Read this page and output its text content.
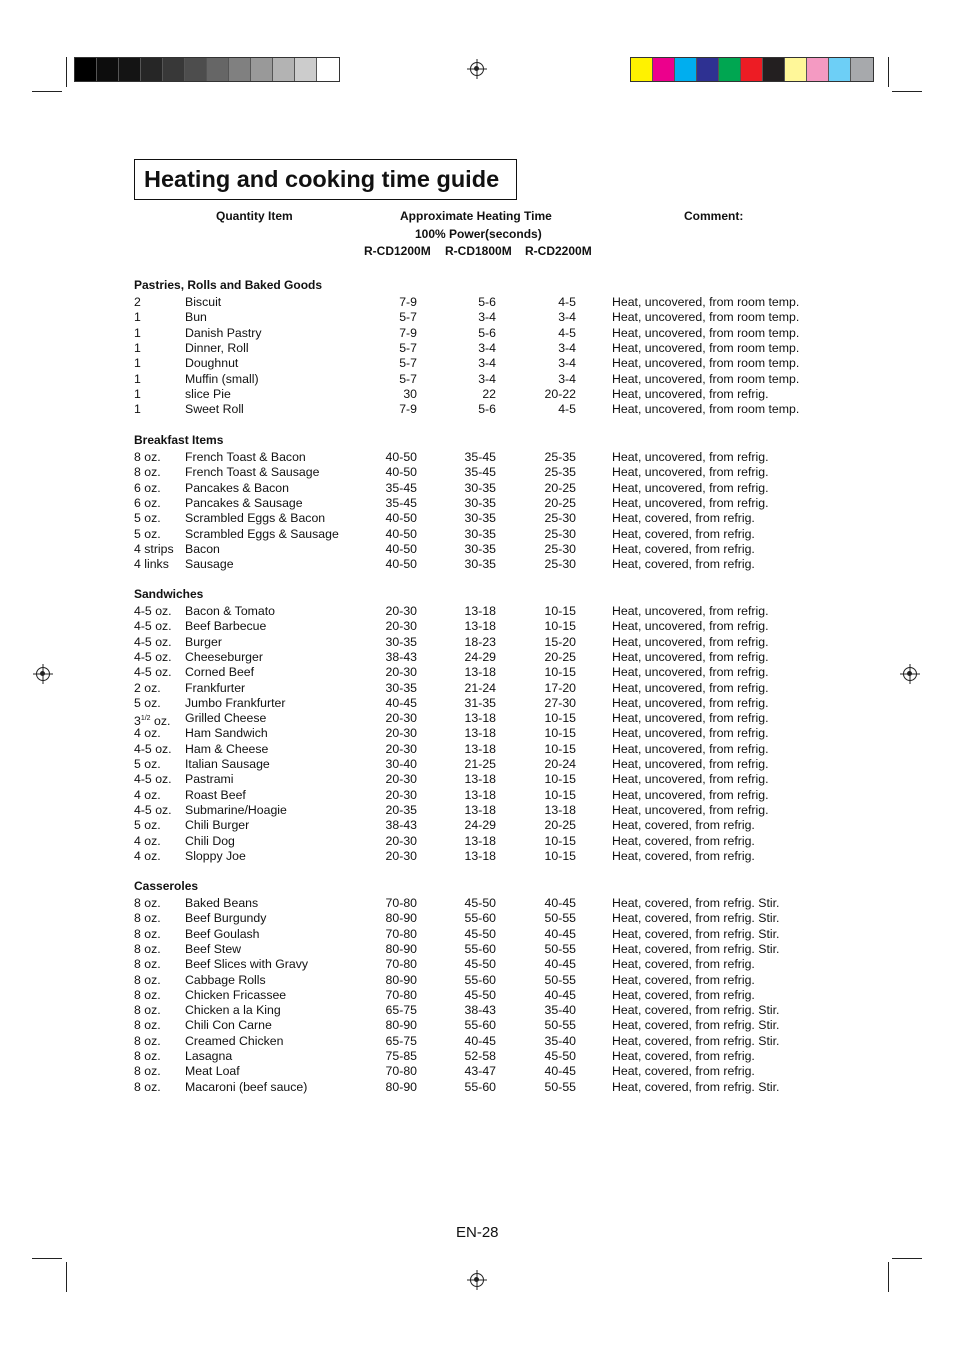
Heating and cooking time guide
Quantity Item	Approximate Heating Time
100% Power(seconds)
R-CD1200M R-CD1800M R-CD2200M
Comment:
Pastries, Rolls and Baked Goods
2	Biscuit	7-9	5-6	4-5	Heat, uncovered, from room temp.
1	Bun	5-7	3-4	3-4	Heat, uncovered, from room temp.
1	Danish Pastry	7-9	5-6	4-5	Heat, uncovered, from room temp.
1	Dinner, Roll	5-7	3-4	3-4	Heat, uncovered, from room temp.
1	Doughnut	5-7	3-4	3-4	Heat, uncovered, from room temp.
1	Muffin (small)	5-7	3-4	3-4	Heat, uncovered, from room temp.
1	slice Pie	30	22	20-22	Heat, uncovered, from refrig.
1	Sweet Roll	7-9	5-6	4-5	Heat, uncovered, from room temp.
Breakfast Items
8 oz. French Toast & Bacon	40-50	35-45	25-35	Heat, uncovered, from refrig.
8 oz. French Toast & Sausage	40-50	35-45	25-35	Heat, uncovered, from refrig.
6 oz. Pancakes & Bacon	35-45	30-35	20-25	Heat, uncovered, from refrig.
6 oz. Pancakes & Sausage	35-45	30-35	20-25	Heat, uncovered, from refrig.
5 oz. Scrambled Eggs & Bacon	40-50	30-35	25-30	Heat, covered, from refrig.
5 oz. Scrambled Eggs & Sausage	40-50	30-35	25-30	Heat, covered, from refrig.
4 strips Bacon	40-50	30-35	25-30	Heat, covered, from refrig.
4 links Sausage	40-50	30-35	25-30	Heat, covered, from refrig.
Sandwiches
4-5 oz. Bacon & Tomato	20-30	13-18	10-15	Heat, uncovered, from refrig.
4-5 oz. Beef Barbecue	20-30	13-18	10-15	Heat, uncovered, from refrig.
4-5 oz. Burger	30-35	18-23	15-20	Heat, uncovered, from refrig.
4-5 oz. Cheeseburger	38-43	24-29	20-25	Heat, uncovered, from refrig.
4-5 oz. Corned Beef	20-30	13-18	10-15	Heat, uncovered, from refrig.
2 oz. Frankfurter	30-35	21-24	17-20	Heat, uncovered, from refrig.
5 oz. Jumbo Frankfurter	40-45	31-35	27-30	Heat, uncovered, from refrig.
$3^{1/2}$ oz. Grilled Cheese	20-30	13-18	10-15	Heat, uncovered, from refrig.
4 oz. Ham Sandwich	20-30	13-18	10-15	Heat, uncovered, from refrig.
4-5 oz. Ham & Cheese	20-30	13-18	10-15	Heat, uncovered, from refrig.
5 oz. Italian Sausage	30-40	21-25	20-24	Heat, uncovered, from refrig.
4-5 oz. Pastrami	20-30	13-18	10-15	Heat, uncovered, from refrig.
4 oz. Roast Beef	20-30	13-18	10-15	Heat, uncovered, from refrig.
4-5 oz. Submarine/Hoagie	20-35	13-18	13-18	Heat, uncovered, from refrig.
5 oz. Chili Burger	38-43	24-29	20-25	Heat, covered, from refrig.
4 oz. Chili Dog	20-30	13-18	10-15	Heat, covered, from refrig.
4 oz. Sloppy Joe	20-30	13-18	10-15	Heat, covered, from refrig.
Casseroles
8 oz. Baked Beans	70-80	45-50	40-45	Heat, covered, from refrig. Stir.
8 oz. Beef Burgundy	80-90	55-60	50-55	Heat, covered, from refrig. Stir.
8 oz. Beef Goulash	70-80	45-50	40-45	Heat, covered, from refrig. Stir.
8 oz. Beef Stew	80-90	55-60	50-55	Heat, covered, from refrig. Stir.
8 oz. Beef Slices with Gravy	70-80	45-50	40-45	Heat, covered, from refrig.
8 oz. Cabbage Rolls	80-90	55-60	50-55	Heat, covered, from refrig.
8 oz. Chicken Fricassee	70-80	45-50	40-45	Heat, covered, from refrig.
8 oz. Chicken a la King	65-75	38-43	35-40	Heat, covered, from refrig. Stir.
8 oz. Chili Con Carne	80-90	55-60	50-55	Heat, covered, from refrig. Stir.
8 oz. Creamed Chicken	65-75	40-45	35-40	Heat, covered, from refrig. Stir.
8 oz. Lasagna	75-85	52-58	45-50	Heat, covered, from refrig.
8 oz. Meat Loaf	70-80	43-47	40-45	Heat, covered, from refrig.
8 oz. Macaroni (beef sauce)	80-90	55-60	50-55	Heat, covered, from refrig. Stir.
EN-28
